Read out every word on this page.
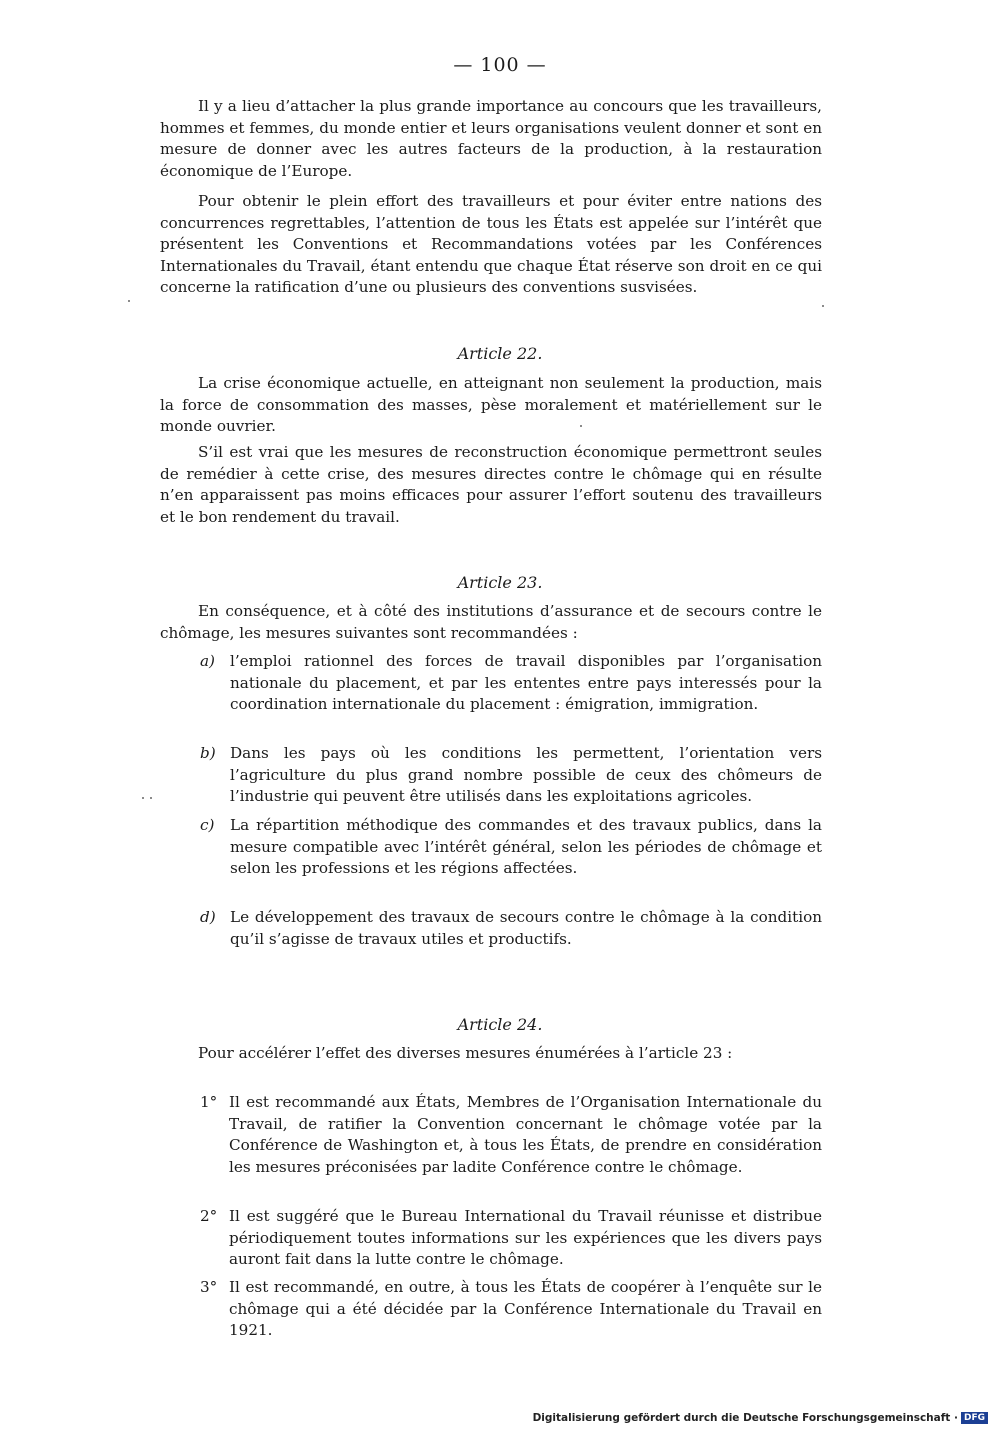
— 100 —

Il y a lieu d’attacher la plus grande importance au concours que les travailleurs, hommes et femmes, du monde entier et leurs organisations veulent donner et sont en mesure de donner avec les autres facteurs de la production, à la restauration économique de l’Europe.

Pour obtenir le plein effort des travailleurs et pour éviter entre nations des concurrences regrettables, l’attention de tous les États est appelée sur l’intérêt que présentent les Conventions et Recommandations votées par les Conférences Internationales du Travail, étant entendu que chaque État réserve son droit en ce qui concerne la ratification d’une ou plusieurs des conventions susvisées.

Article 22.

La crise économique actuelle, en atteignant non seulement la production, mais la force de consommation des masses, pèse moralement et matériellement sur le monde ouvrier.

S’il est vrai que les mesures de reconstruction économique permettront seules de remédier à cette crise, des mesures directes contre le chômage qui en résulte n’en apparaissent pas moins efficaces pour assurer l’effort soutenu des travailleurs et le bon rendement du travail.

Article 23.

En conséquence, et à côté des institutions d’assurance et de secours contre le chômage, les mesures suivantes sont recommandées :

a) l’emploi rationnel des forces de travail disponibles par l’organisation nationale du placement, et par les ententes entre pays interessés pour la coordination internationale du placement : émigration, immigration.

b) Dans les pays où les conditions les permettent, l’orientation vers l’agriculture du plus grand nombre possible de ceux des chômeurs de l’industrie qui peuvent être utilisés dans les exploitations agricoles.

c) La répartition méthodique des commandes et des travaux publics, dans la mesure compatible avec l’intérêt général, selon les périodes de chômage et selon les professions et les régions affectées.

d) Le développement des travaux de secours contre le chômage à la condition qu’il s’agisse de travaux utiles et productifs.

Article 24.

Pour accélérer l’effet des diverses mesures énumérées à l’article 23 :

1° Il est recommandé aux États, Membres de l’Organisation Internationale du Travail, de ratifier la Convention concernant le chômage votée par la Conférence de Washington et, à tous les États, de prendre en considération les mesures préconisées par ladite Conférence contre le chômage.

2° Il est suggéré que le Bureau International du Travail réunisse et distribue périodiquement toutes informations sur les expériences que les divers pays auront fait dans la lutte contre le chômage.

3° Il est recommandé, en outre, à tous les États de coopérer à l’enquête sur le chômage qui a été décidée par la Conférence Internationale du Travail en 1921.

Digitalisierung gefördert durch die Deutsche Forschungsgemeinschaft · DFG
